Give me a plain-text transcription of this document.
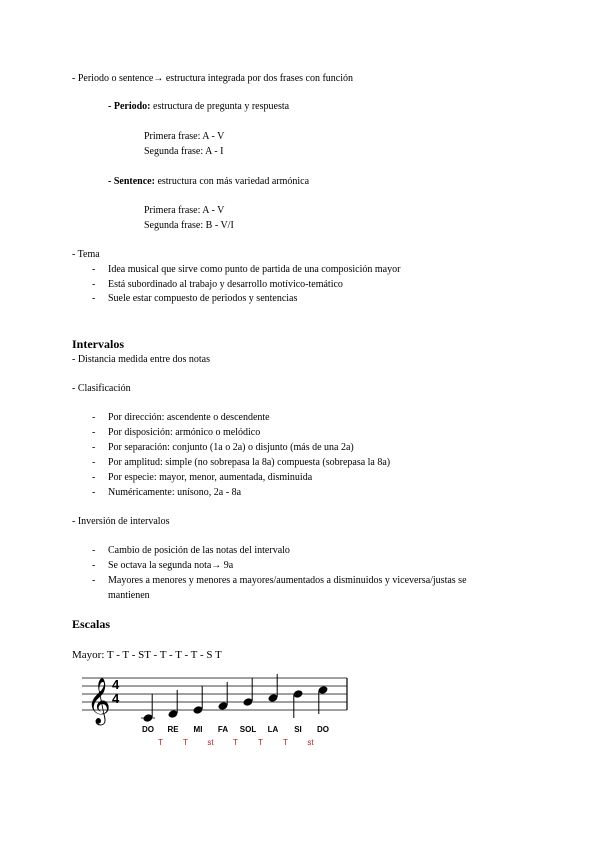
- Periodo o sentence→ estructura integrada por dos frases con función
- Periodo: estructura de pregunta y respuesta
Primera frase: A - V
Segunda frase: A - I
- Sentence: estructura con más variedad armónica
Primera frase: A - V
Segunda frase: B - V/I
- Tema
- Idea musical que sirve como punto de partida de una composición mayor
- Está subordinado al trabajo y desarrollo motívico-temático
- Suele estar compuesto de periodos y sentencias
Intervalos
- Distancia medida entre dos notas
- Clasificación
- Por dirección: ascendente o descendente
- Por disposición: armónico o melódico
- Por separación: conjunto (1a o 2a) o disjunto (más de una 2a)
- Por amplitud: simple (no sobrepasa la 8a) compuesta (sobrepasa la 8a)
- Por especie: mayor, menor, aumentada, disminuida
- Numéricamente: unísono, 2a - 8a
- Inversión de intervalos
- Cambio de posición de las notas del intervalo
- Se octava la segunda nota→ 9a
- Mayores a menores y menores a mayores/aumentados a disminuidos y viceversa/justas se
mantienen
Escalas
Mayor: T - T - ST - T - T - T - S T
𝄞 4
4
DO RE MI FA SOL LA SI DO
T	T st T	T	T st
